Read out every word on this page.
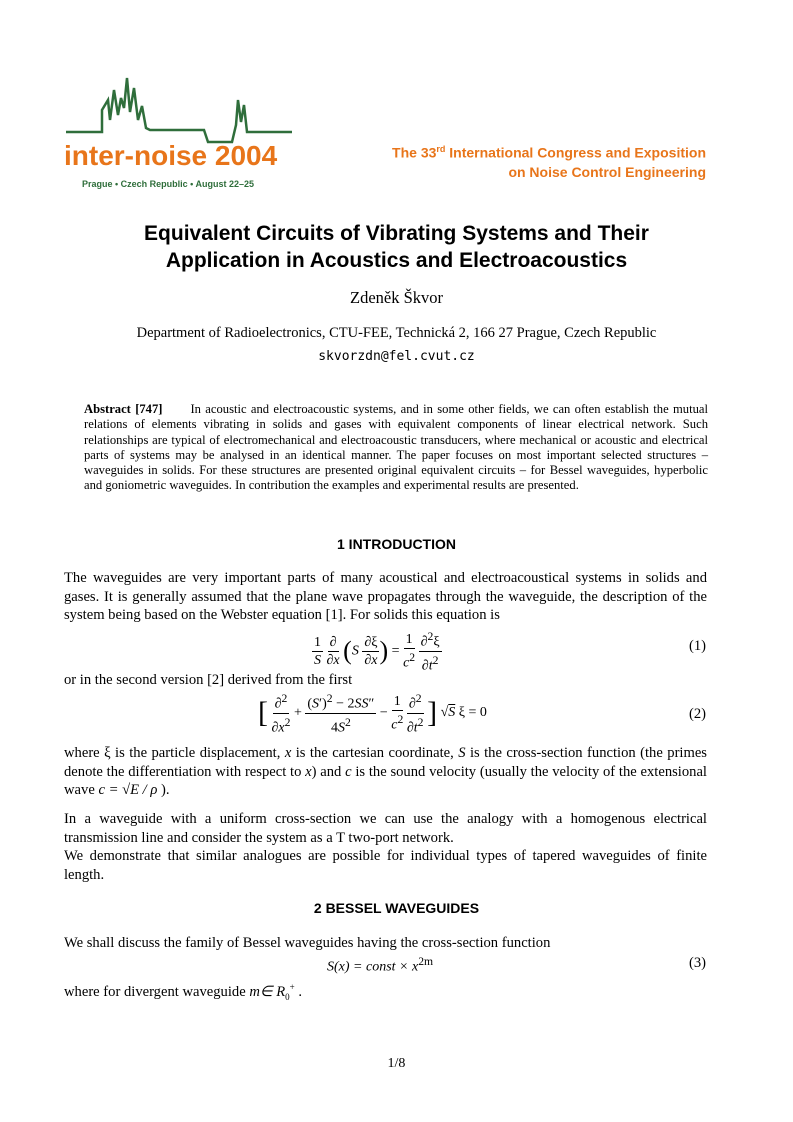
inter-noise 2004
Prague • Czech Republic • August 22–25
The 33rd International Congress and Exposition
on Noise Control Engineering
Equivalent Circuits of Vibrating Systems and Their
Application in Acoustics and Electroacoustics
Zdeněk Škvor
Department of Radioelectronics, CTU-FEE, Technická 2, 166 27 Prague, Czech Republic
skvorzdn@fel.cvut.cz
Abstract [747] In acoustic and electroacoustic systems, and in some other fields, we can often establish the mutual relations of elements vibrating in solids and gases with equivalent components of linear electrical network. Such relationships are typical of electromechanical and electroacoustic transducers, where mechanical or acoustic and electrical parts of systems may be analysed in an identical manner. The paper focuses on most important selected structures – waveguides in solids. For these structures are presented original equivalent circuits – for Bessel waveguides, hyperbolic and goniometric waveguides. In contribution the examples and experimental results are presented.
1 INTRODUCTION
The waveguides are very important parts of many acoustical and electroacoustical systems in solids and gases. It is generally assumed that the plane wave propagates through the waveguide, the description of the system being based on the Webster equation [1]. For solids this equation is
$\frac{1}{S}$
$\frac{\partial}{\partial x} (S \frac{\partial\xi}{\partial x}$ ) = $\frac{1}{c^2}$
$\frac{\partial^2\xi}{\partial t^2}$	(1)
or in the second version [2] derived from the first
[ $\frac{\partial^2}{\partial x^2} + \frac{(S')^2 - 2SS''}{4S^2} - \frac{1}{c^2}$
$\frac{\partial^2}{\partial t^2}$ ] √S ξ = 0	(2)
where ξ is the particle displacement, x is the cartesian coordinate, S is the cross-section function (the primes denote the differentiation with respect to x) and c is the sound velocity (usually the velocity of the extensional wave c = √E / ρ ).
In a waveguide with a uniform cross-section we can use the analogy with a homogenous electrical transmission line and consider the system as a T two-port network.
We demonstrate that similar analogues are possible for individual types of tapered waveguides of finite length.
2 BESSEL WAVEGUIDES
We shall discuss the family of Bessel waveguides having the cross-section function
S(x) = const × $x^{2m}$	(3)
where for divergent waveguide m∈ $R_0^+$ .
1/8
